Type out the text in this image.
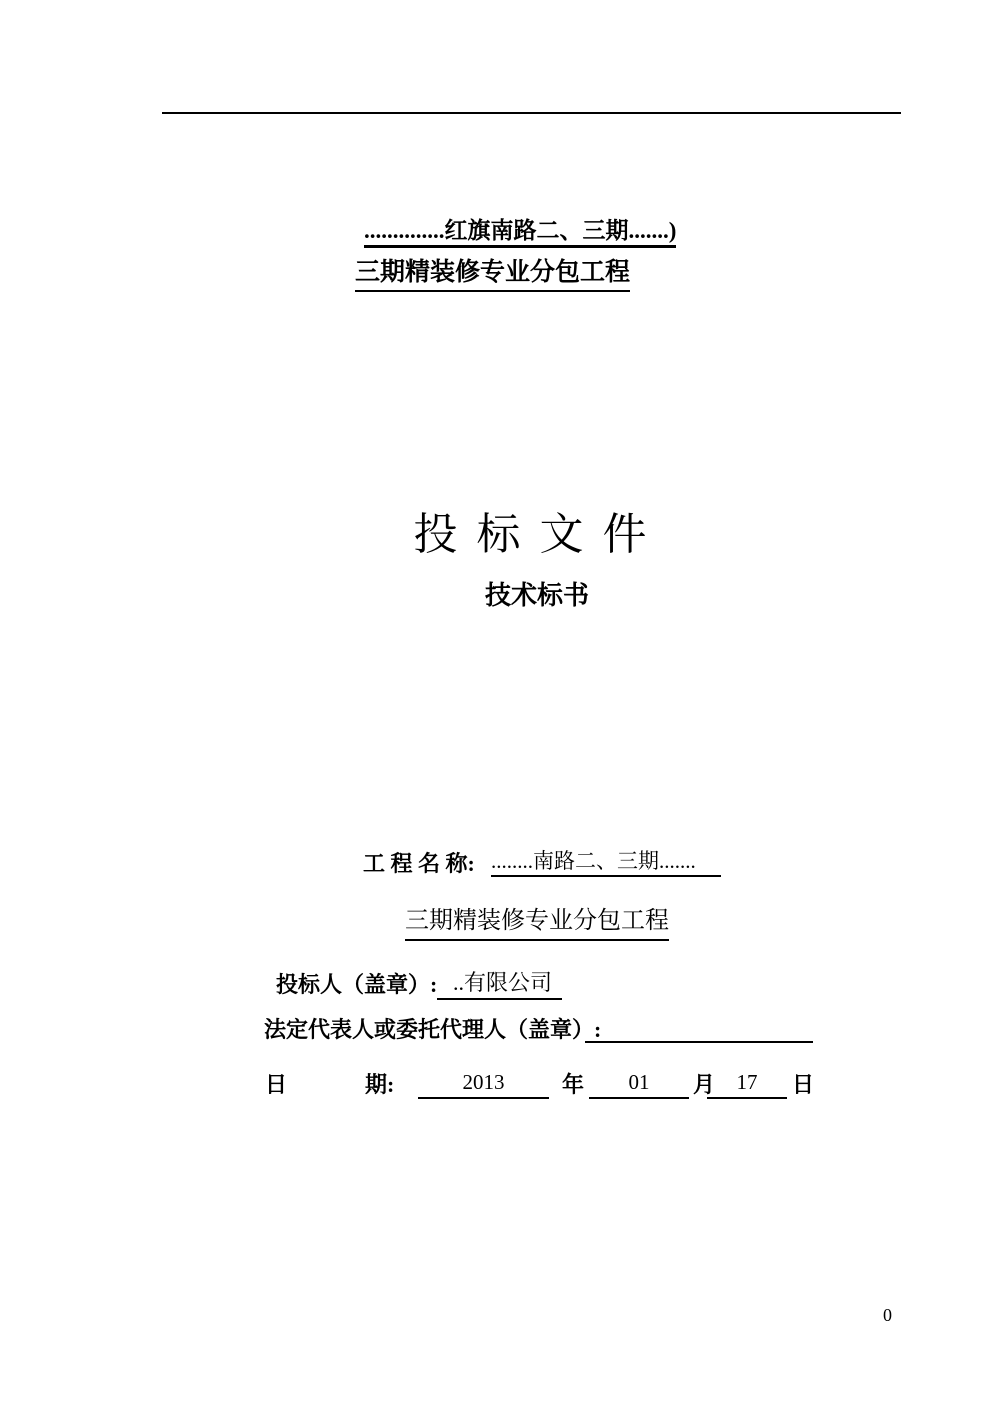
..............红旗南路二、三期.......)
三期精装修专业分包工程
投 标 文 件
技术标书
工 程 名 称: ........南路二、三期.......
三期精装修专业分包工程
投标人（盖章）: ..有限公司
法定代表人或委托代理人（盖章）:
日	期:	2013	年	01	月	17	日
0
